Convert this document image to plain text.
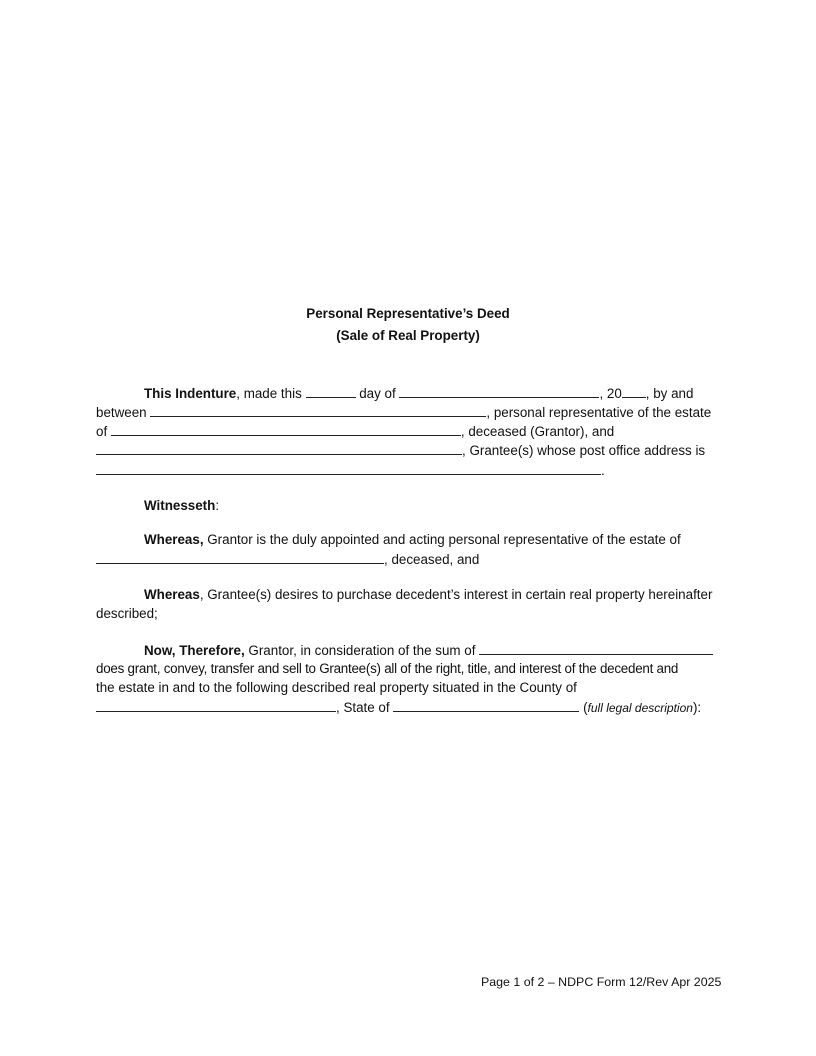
Personal Representative’s Deed
(Sale of Real Property)
This Indenture, made this	day of	, 20 , by and
between	, personal representative of the estate
of	, deceased (Grantor), and
, Grantee(s) whose post office address is
.
Witnesseth:
Whereas, Grantor is the duly appointed and acting personal representative of the estate of
, deceased, and
Whereas, Grantee(s) desires to purchase decedent’s interest in certain real property hereinafter
described;
Now, Therefore, Grantor, in consideration of the sum of
does grant, convey, transfer and sell to Grantee(s) all of the right, title, and interest of the decedent and
the estate in and to the following described real property situated in the County of
, State of	(full legal description):
Page 1 of 2 – NDPC Form 12/Rev Apr 2025
